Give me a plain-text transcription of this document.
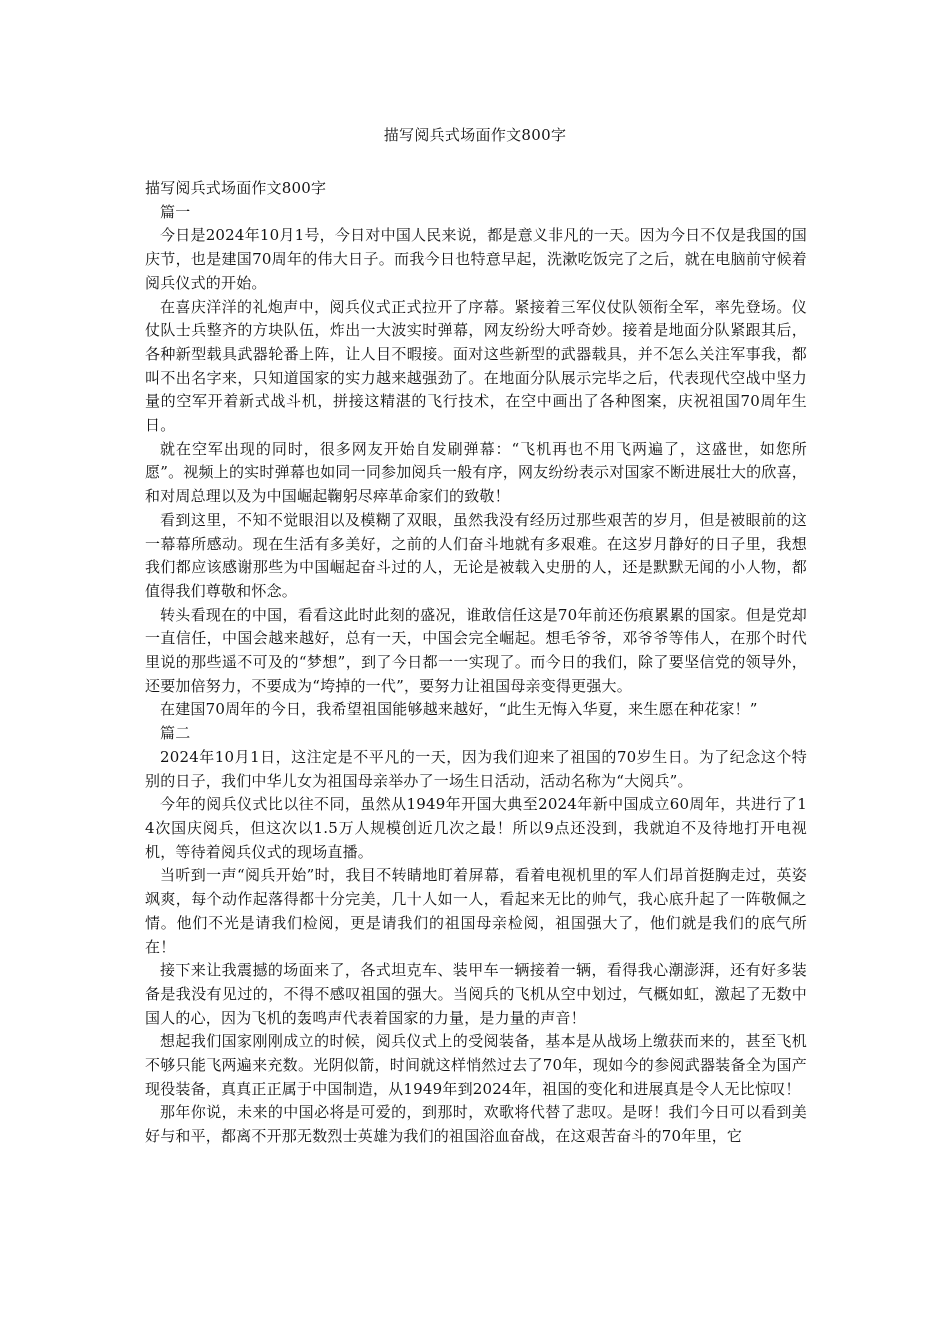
描写阅兵式场面作文800字

描写阅兵式场面作文800字

篇一

今日是2024年10月1号，今日对中国人民来说，都是意义非凡的一天。因为今日不仅是我国的国庆节，也是建国70周年的伟大日子。而我今日也特意早起，洗漱吃饭完了之后，就在电脑前守候着阅兵仪式的开始。

在喜庆洋洋的礼炮声中，阅兵仪式正式拉开了序幕。紧接着三军仪仗队领衔全军，率先登场。仪仗队士兵整齐的方块队伍，炸出一大波实时弹幕，网友纷纷大呼奇妙。接着是地面分队紧跟其后，各种新型载具武器轮番上阵，让人目不暇接。面对这些新型的武器载具，并不怎么关注军事我，都叫不出名字来，只知道国家的实力越来越强劲了。在地面分队展示完毕之后，代表现代空战中坚力量的空军开着新式战斗机，拼接这精湛的飞行技术，在空中画出了各种图案，庆祝祖国70周年生日。

就在空军出现的同时，很多网友开始自发刷弹幕：“飞机再也不用飞两遍了，这盛世，如您所愿”。视频上的实时弹幕也如同一同参加阅兵一般有序，网友纷纷表示对国家不断进展壮大的欣喜，和对周总理以及为中国崛起鞠躬尽瘁革命家们的致敬！

看到这里，不知不觉眼泪以及模糊了双眼，虽然我没有经历过那些艰苦的岁月，但是被眼前的这一幕幕所感动。现在生活有多美好，之前的人们奋斗地就有多艰难。在这岁月静好的日子里，我想我们都应该感谢那些为中国崛起奋斗过的人，无论是被载入史册的人，还是默默无闻的小人物，都值得我们尊敬和怀念。

转头看现在的中国，看看这此时此刻的盛况，谁敢信任这是70年前还伤痕累累的国家。但是党却一直信任，中国会越来越好，总有一天，中国会完全崛起。想毛爷爷，邓爷爷等伟人，在那个时代里说的那些遥不可及的“梦想”，到了今日都一一实现了。而今日的我们，除了要坚信党的领导外，还要加倍努力，不要成为“垮掉的一代”，要努力让祖国母亲变得更强大。

在建国70周年的今日，我希望祖国能够越来越好，“此生无悔入华夏，来生愿在种花家！”

篇二

2024年10月1日，这注定是不平凡的一天，因为我们迎来了祖国的70岁生日。为了纪念这个特别的日子，我们中华儿女为祖国母亲举办了一场生日活动，活动名称为“大阅兵”。

今年的阅兵仪式比以往不同，虽然从1949年开国大典至2024年新中国成立60周年，共进行了14次国庆阅兵，但这次以1.5万人规模创近几次之最！所以9点还没到，我就迫不及待地打开电视机，等待着阅兵仪式的现场直播。

当听到一声“阅兵开始”时，我目不转睛地盯着屏幕，看着电视机里的军人们昂首挺胸走过，英姿飒爽，每个动作起落得都十分完美，几十人如一人，看起来无比的帅气，我心底升起了一阵敬佩之情。他们不光是请我们检阅，更是请我们的祖国母亲检阅，祖国强大了，他们就是我们的底气所在！

接下来让我震撼的场面来了，各式坦克车、装甲车一辆接着一辆，看得我心潮澎湃，还有好多装备是我没有见过的，不得不感叹祖国的强大。当阅兵的飞机从空中划过，气概如虹，激起了无数中国人的心，因为飞机的轰鸣声代表着国家的力量，是力量的声音！

想起我们国家刚刚成立的时候，阅兵仪式上的受阅装备，基本是从战场上缴获而来的，甚至飞机不够只能飞两遍来充数。光阴似箭，时间就这样悄然过去了70年，现如今的参阅武器装备全为国产现役装备，真真正正属于中国制造，从1949年到2024年，祖国的变化和进展真是令人无比惊叹！

那年你说，未来的中国必将是可爱的，到那时，欢歌将代替了悲叹。是呀！我们今日可以看到美好与和平，都离不开那无数烈士英雄为我们的祖国浴血奋战，在这艰苦奋斗的70年里，它
